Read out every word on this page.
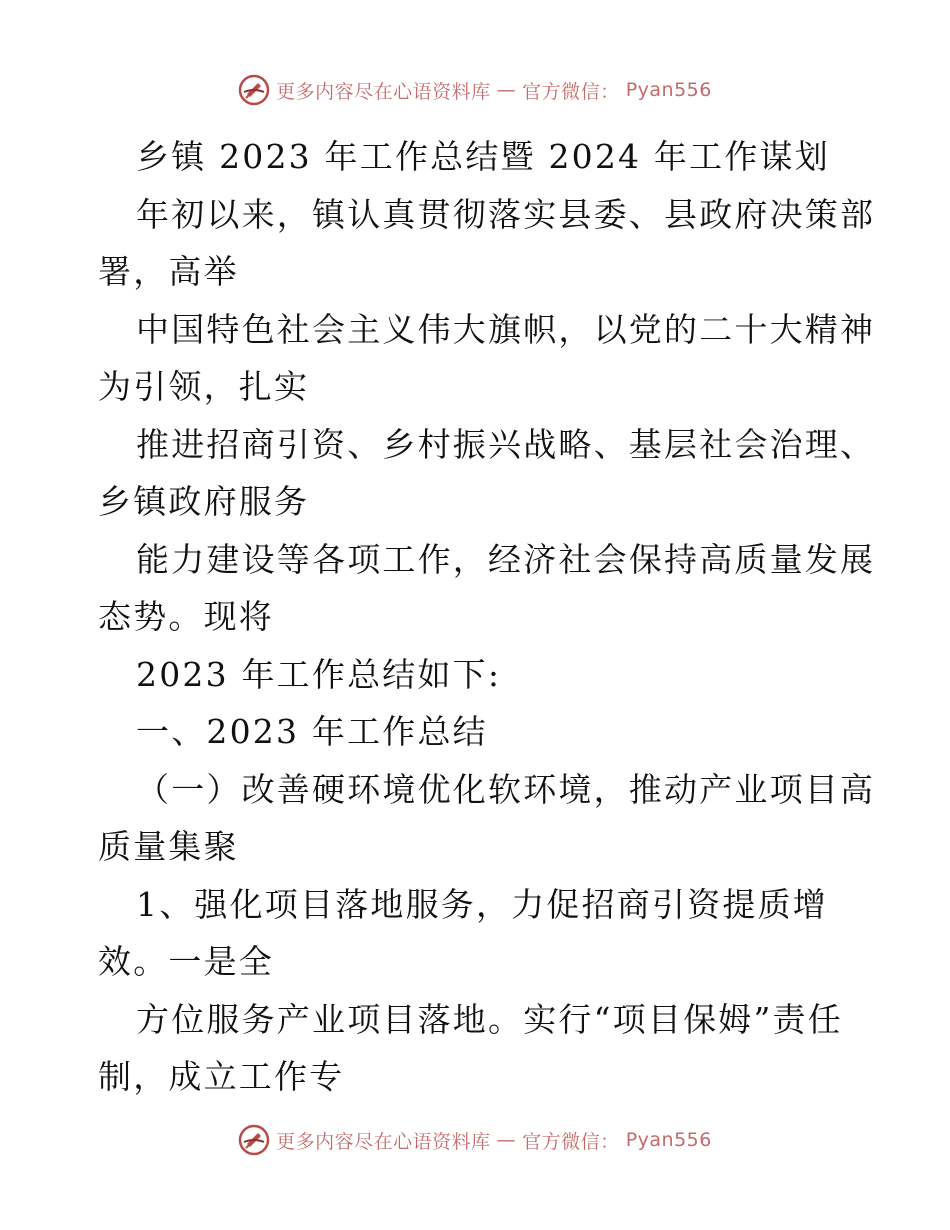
更多内容尽在心语资料库 — 官方微信： Pyan556
乡镇 2023 年工作总结暨 2024 年工作谋划
年初以来，镇认真贯彻落实县委、县政府决策部
署，高举
中国特色社会主义伟大旗帜，以党的二十大精神
为引领，扎实
推进招商引资、乡村振兴战略、基层社会治理、
乡镇政府服务
能力建设等各项工作，经济社会保持高质量发展
态势。现将
2023 年工作总结如下:
一、2023 年工作总结
（一）改善硬环境优化软环境，推动产业项目高
质量集聚
1、强化项目落地服务，力促招商引资提质增
效。一是全
方位服务产业项目落地。实行“项目保姆”责任
制，成立工作专
更多内容尽在心语资料库 — 官方微信： Pyan556
